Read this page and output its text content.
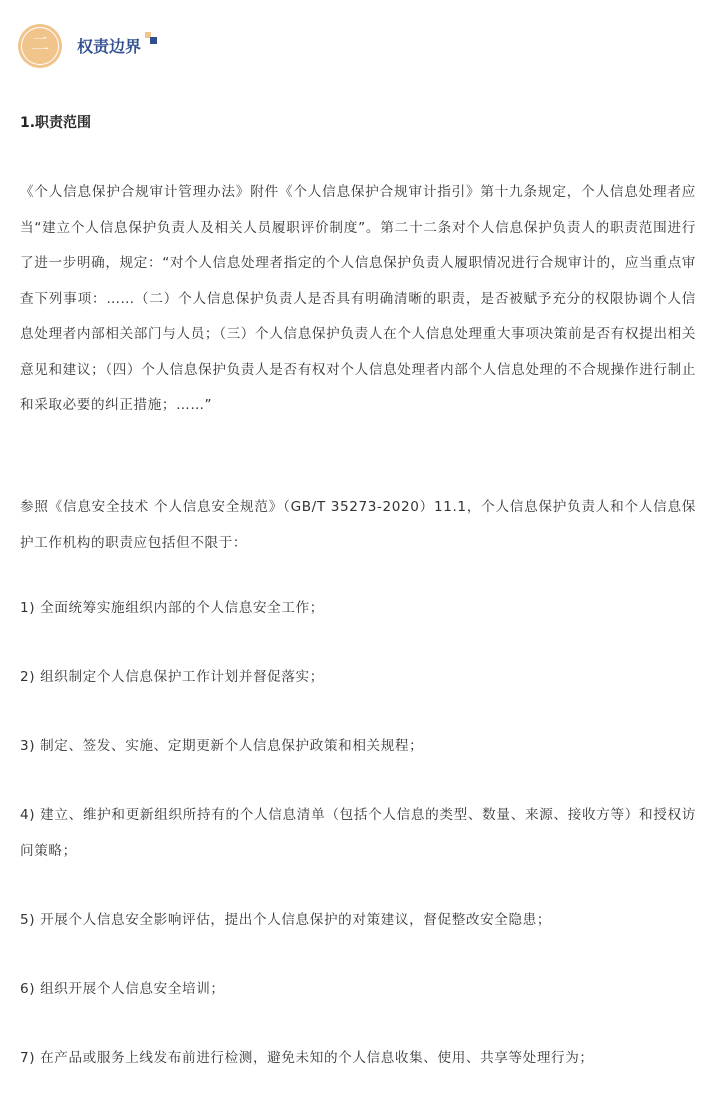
二	权责边界
1.职责范围
《个人信息保护合规审计管理办法》附件《个人信息保护合规审计指引》第十九条规定，个人信息处理者应当“建立个人信息保护负责人及相关人员履职评价制度”。第二十二条对个人信息保护负责人的职责范围进行了进一步明确，规定：“对个人信息处理者指定的个人信息保护负责人履职情况进行合规审计的，应当重点审查下列事项：……（二）个人信息保护负责人是否具有明确清晰的职责，是否被赋予充分的权限协调个人信息处理者内部相关部门与人员；（三）个人信息保护负责人在个人信息处理重大事项决策前是否有权提出相关意见和建议；（四）个人信息保护负责人是否有权对个人信息处理者内部个人信息处理的不合规操作进行制止和采取必要的纠正措施；……”
参照《信息安全技术 个人信息安全规范》（GB/T 35273-2020）11.1，个人信息保护负责人和个人信息保护工作机构的职责应包括但不限于：
1) 全面统筹实施组织内部的个人信息安全工作；
2) 组织制定个人信息保护工作计划并督促落实；
3) 制定、签发、实施、定期更新个人信息保护政策和相关规程；
4) 建立、维护和更新组织所持有的个人信息清单（包括个人信息的类型、数量、来源、接收方等）和授权访问策略；
5) 开展个人信息安全影响评估，提出个人信息保护的对策建议，督促整改安全隐患；
6) 组织开展个人信息安全培训；
7) 在产品或服务上线发布前进行检测，避免未知的个人信息收集、使用、共享等处理行为；
